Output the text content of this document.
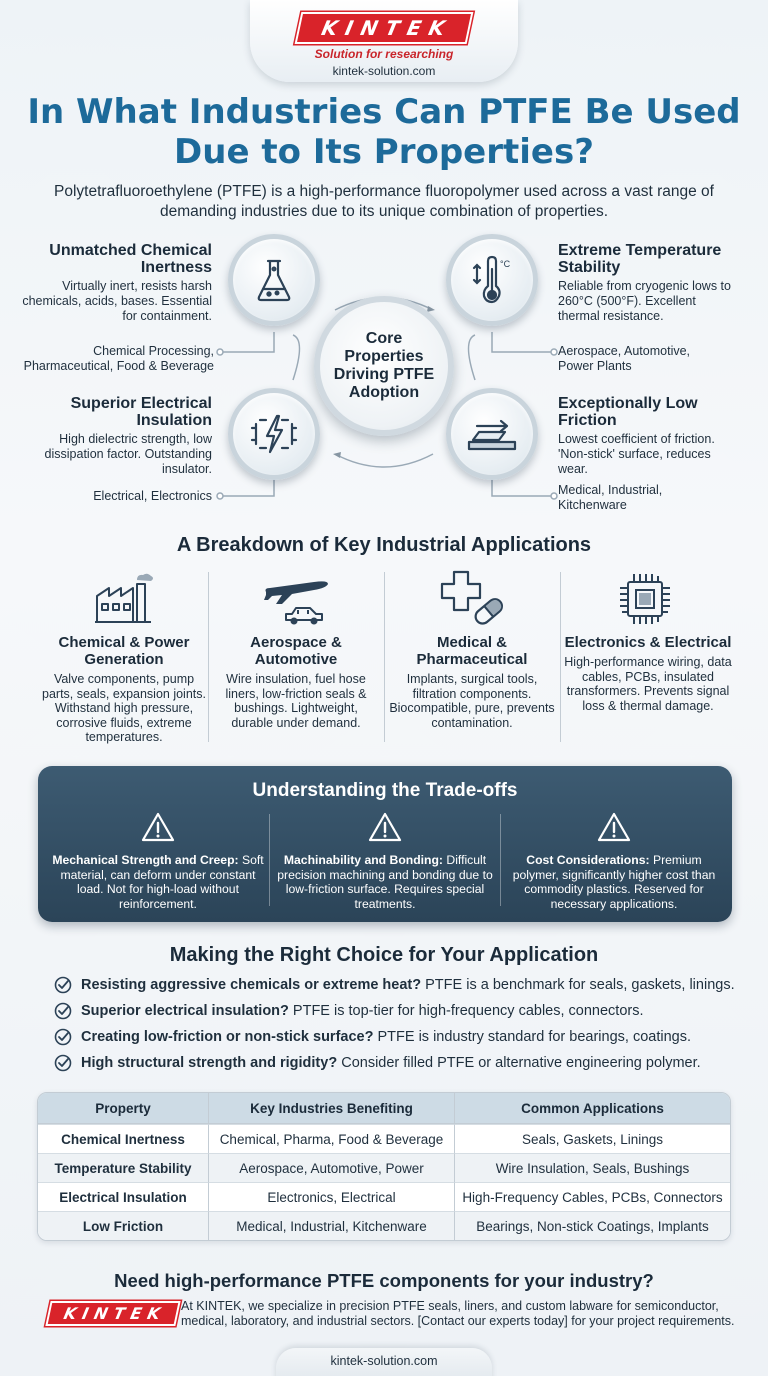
KINTEK
Solution for researching
kintek-solution.com
In What Industries Can PTFE Be Used Due to Its Properties?
Polytetrafluoroethylene (PTFE) is a high-performance fluoropolymer used across a vast range of demanding industries due to its unique combination of properties.
Unmatched Chemical Inertness
Virtually inert, resists harsh chemicals, acids, bases. Essential for containment.
Chemical Processing, Pharmaceutical, Food & Beverage
Extreme Temperature Stability
Reliable from cryogenic lows to 260°C (500°F). Excellent thermal resistance.
Aerospace, Automotive, Power Plants
Superior Electrical Insulation
High dielectric strength, low dissipation factor. Outstanding insulator.
Electrical, Electronics
Exceptionally Low Friction
Lowest coefficient of friction. 'Non-stick' surface, reduces wear.
Medical, Industrial, Kitchenware
°C
Core Properties Driving PTFE Adoption
A Breakdown of Key Industrial Applications
Chemical & Power Generation
Valve components, pump parts, seals, expansion joints. Withstand high pressure, corrosive fluids, extreme temperatures.
Aerospace & Automotive
Wire insulation, fuel hose liners, low-friction seals & bushings. Lightweight, durable under demand.
Medical & Pharmaceutical
Implants, surgical tools, filtration components. Biocompatible, pure, prevents contamination.
Electronics & Electrical
High-performance wiring, data cables, PCBs, insulated transformers. Prevents signal loss & thermal damage.
Understanding the Trade-offs
Mechanical Strength and Creep: Soft material, can deform under constant load. Not for high-load without reinforcement.
Machinability and Bonding: Difficult precision machining and bonding due to low-friction surface. Requires special treatments.
Cost Considerations: Premium polymer, significantly higher cost than commodity plastics. Reserved for necessary applications.
Making the Right Choice for Your Application
Resisting aggressive chemicals or extreme heat? PTFE is a benchmark for seals, gaskets, linings.
Superior electrical insulation? PTFE is top-tier for high-frequency cables, connectors.
Creating low-friction or non-stick surface? PTFE is industry standard for bearings, coatings.
High structural strength and rigidity? Consider filled PTFE or alternative engineering polymer.
Property	Key Industries Benefiting	Common Applications
Chemical Inertness	Chemical, Pharma, Food & Beverage	Seals, Gaskets, Linings
Temperature Stability	Aerospace, Automotive, Power	Wire Insulation, Seals, Bushings
Electrical Insulation	Electronics, Electrical	High-Frequency Cables, PCBs, Connectors
Low Friction	Medical, Industrial, Kitchenware	Bearings, Non-stick Coatings, Implants
Need high-performance PTFE components for your industry?
KINTEK	At KINTEK, we specialize in precision PTFE seals, liners, and custom labware for semiconductor, medical, laboratory, and industrial sectors. [Contact our experts today] for your project requirements.
kintek-solution.com
